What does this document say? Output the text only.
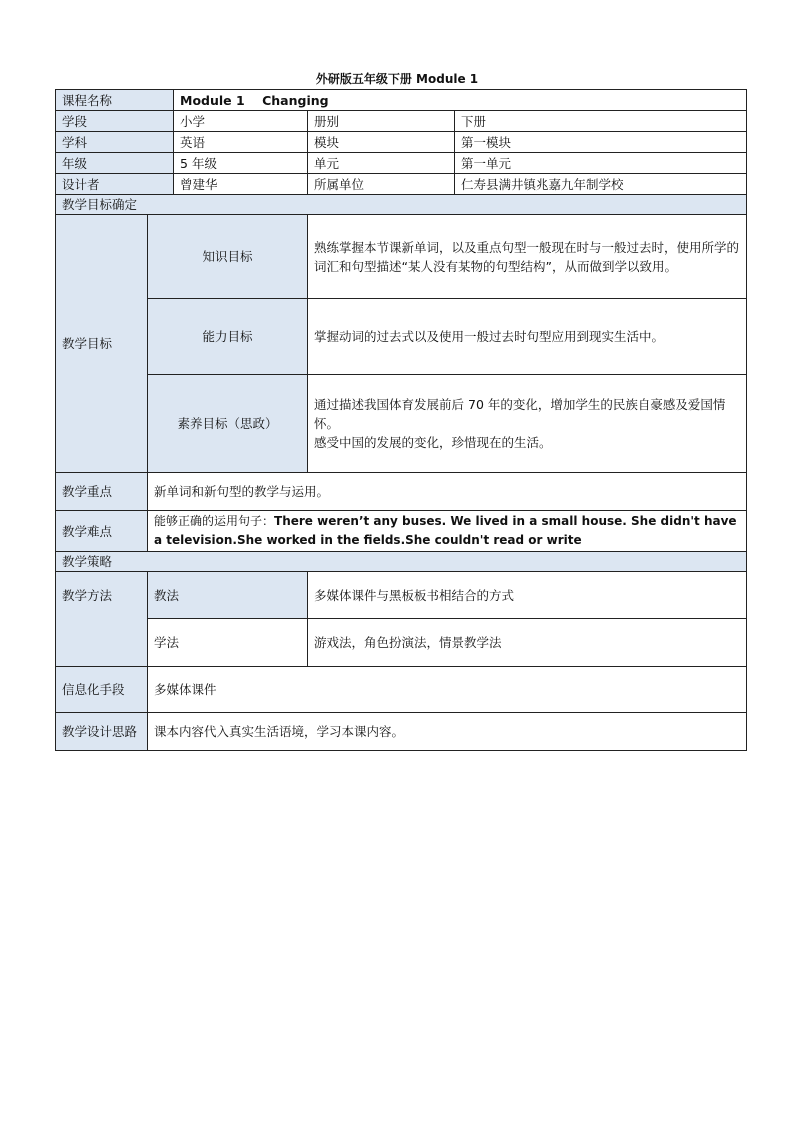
外研版五年级下册 Module 1
课程名称		Module 1    Changing		
学段		小学	册别	下册
学科		英语	模块	第一模块
年级		5 年级	单元	第一单元
设计者		曾建华	所属单位	仁寿县满井镇兆嘉九年制学校
教学目标确定				
教学目标	知识目标		熟练掌握本节课新单词，以及重点句型一般现在时与一般过去时，使用所学的词汇和句型描述“某人没有某物的句型结构”，从而做到学以致用。	
	能力目标		掌握动词的过去式以及使用一般过去时句型应用到现实生活中。	
	素养目标（思政）		通过描述我国体育发展前后 70 年的变化，增加学生的民族自豪感及爱国情怀。
感受中国的发展的变化，珍惜现在的生活。	

教学重点	新单词和新句型的教学与运用。			
教学难点	能够正确的运用句子：There weren’t any buses. We lived in a small house. She didn't have a television.She worked in the fields.She couldn't read or write			
教学策略				
教学方法	教法		多媒体课件与黑板板书相结合的方式	
	学法		游戏法，角色扮演法，情景教学法	
信息化手段	多媒体课件			
教学设计思路	课本内容代入真实生活语境，学习本课内容。			
